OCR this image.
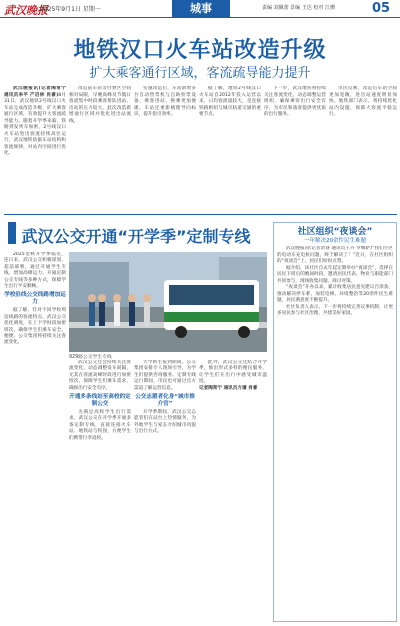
武汉晚报
2025年9月1日 星期一	城事	责编 刘佩蕾 景编 王达 校对 江珊	05
地铁汉口火车站改造升级
扩大乘客通行区域，客流疏导能力提升

武汉晚报讯(记者陶常宁 通讯员李平 产启林 肖睿)8月31日，武汉地铁2号线汉口火车站完成改造升级，扩大乘客通行区域，有效提升大客流疏导能力。随着开学季来临，铁路到发列车加密，2号线汉口火车站进出客流持续高位运行，武汉地铁依据车站结构和客流规律，对站内空间进行优化。

改造前车站非付费区空间相对局限，早晚高峰及节假日客流集中时段乘客排队进站、出站的压力较大。此次改造新增通行区域并优化进出站流线。

实施改造后，车站新增多台自动售票机与自助检票设备，乘客进站、换乘更加便捷。车站还重新梳理导向标识，提升指引效率。

据了解，地铁2号线汉口火车站自2012年投入运营以来，日均客流量较大，是连接铁路枢纽与城市轨道交通的重要节点。

下一步，武汉地铁将持续关注客流变化，动态调整运营组织，确保乘客出行安全有序，为市民和旅客提供更优质的出行服务。

市民反映，改造后车站空间更加宽敞，进出站速度明显加快。地铁部门表示，将持续优化站内设施，保障大客流平稳运行。

武汉公交开通“开学季”定制专线

2025金秋开学季临近，连日来，武汉公交积极谋划、超前部署，通过开通学生专线、增加高峰运力、开通定制公交专线等多种方式，保障学生出行平安顺畅。

学校沿线公交线路增加运力

据了解，针对不同学校周边线路的客流特点，武汉公交优化调度，在上下学时段加密班次，确保学生们乘车安全、便捷。公交集团将持续关注客流变化。

929路公交学生专线

武汉公交还会持续关注客流变化，动态调整发车间隔，尤其在客流高峰时段进行加密班次，保障学生们乘车需求，确保出行安全有序。

开通多条线站至高校的定制公交

为满足高校学生出行需求，武汉公交在开学季开通多条定制专线，直接连接火车站、地铁站与校园，方便学生们携带行李返校。

大学新生报到期间，公交集团安排专人现场引导，为学生们提供咨询服务。定制专线运行期间，市民也可通过官方渠道了解运营信息。

公交志愿者化身“城市推介官”

开学季期间，武汉公交志愿者们在站台上热情服务，为外地学生与家长介绍城市风貌与出行方式。

此外，武汉公交还结合开学季，推出形式多样的便民服务，让学生们在出行中感受城市温度。

记者陶常宁 通讯员方谦 肖睿

社区组织“夜谈会”
一年解决20余件民生难题

武汉晚报讯(记者余睿 通讯员王卉 罗娜萨)“我们小区的电动车充电桩问题，终于解决了！”近日，在社区组织的“夜谈会”上，居民们纷纷点赞。

据介绍，该社区自去年起定期举办“夜谈会”，选择在居民下班后的晚间时段，邀请居民代表、物业与职能部门共同参与，现场收集问题、商讨对策。

“夜谈会”开办以来，累计收集居民意见建议百余条，推动解决停车难、加装电梯、环境整治等20余件民生难题，居民满意度不断提升。

社区负责人表示，下一步将持续完善议事机制，让更多居民参与社区治理，共建美好家园。
